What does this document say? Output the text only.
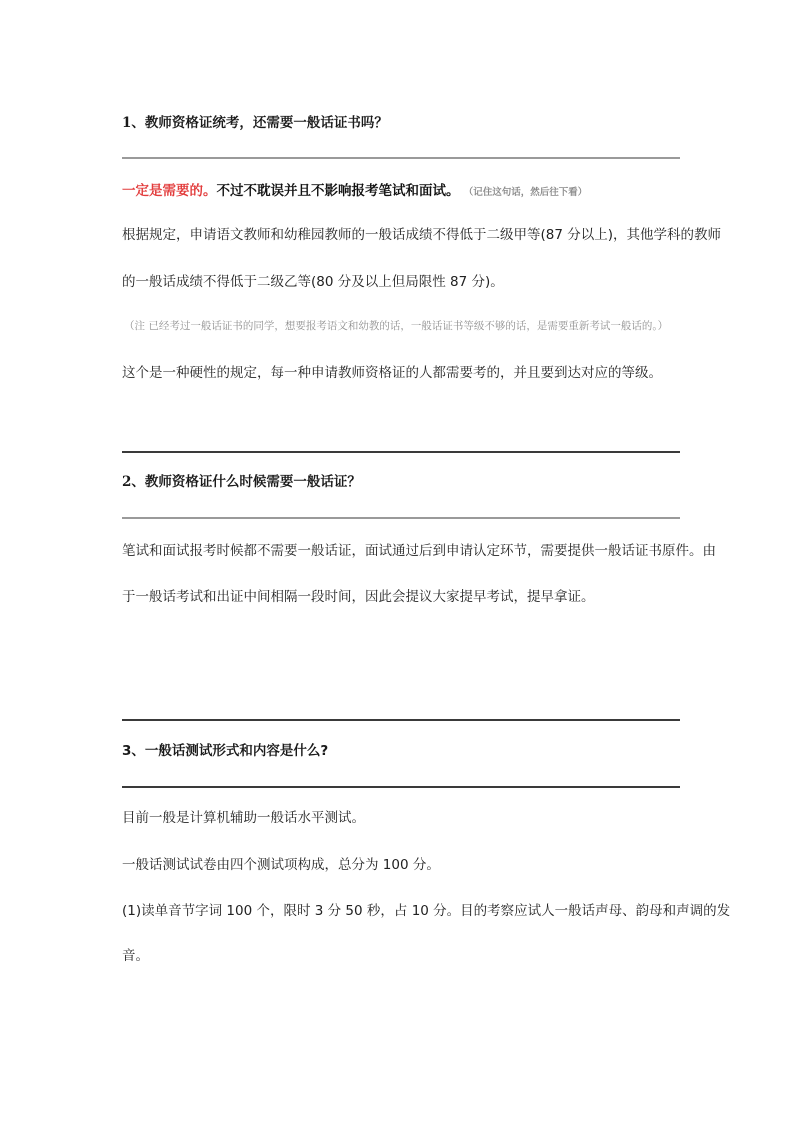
1、教师资格证统考，还需要一般话证书吗？
一定是需要的。不过不耽误并且不影响报考笔试和面试。 （记住这句话，然后往下看）
根据规定，申请语文教师和幼稚园教师的一般话成绩不得低于二级甲等(87 分以上)，其他学科的教师
的一般话成绩不得低于二级乙等(80 分及以上但局限性 87 分)。
（注 已经考过一般话证书的同学，想要报考语文和幼教的话，一般话证书等级不够的话，是需要重新考试一般话的。）
这个是一种硬性的规定，每一种申请教师资格证的人都需要考的，并且要到达对应的等级。
2、教师资格证什么时候需要一般话证？
笔试和面试报考时候都不需要一般话证，面试通过后到申请认定环节，需要提供一般话证书原件。由
于一般话考试和出证中间相隔一段时间，因此会提议大家提早考试，提早拿证。
3、一般话测试形式和内容是什么?
目前一般是计算机辅助一般话水平测试。
一般话测试试卷由四个测试项构成，总分为 100 分。
(1)读单音节字词 100 个，限时 3 分 50 秒，占 10 分。目的考察应试人一般话声母、韵母和声调的发
音。
